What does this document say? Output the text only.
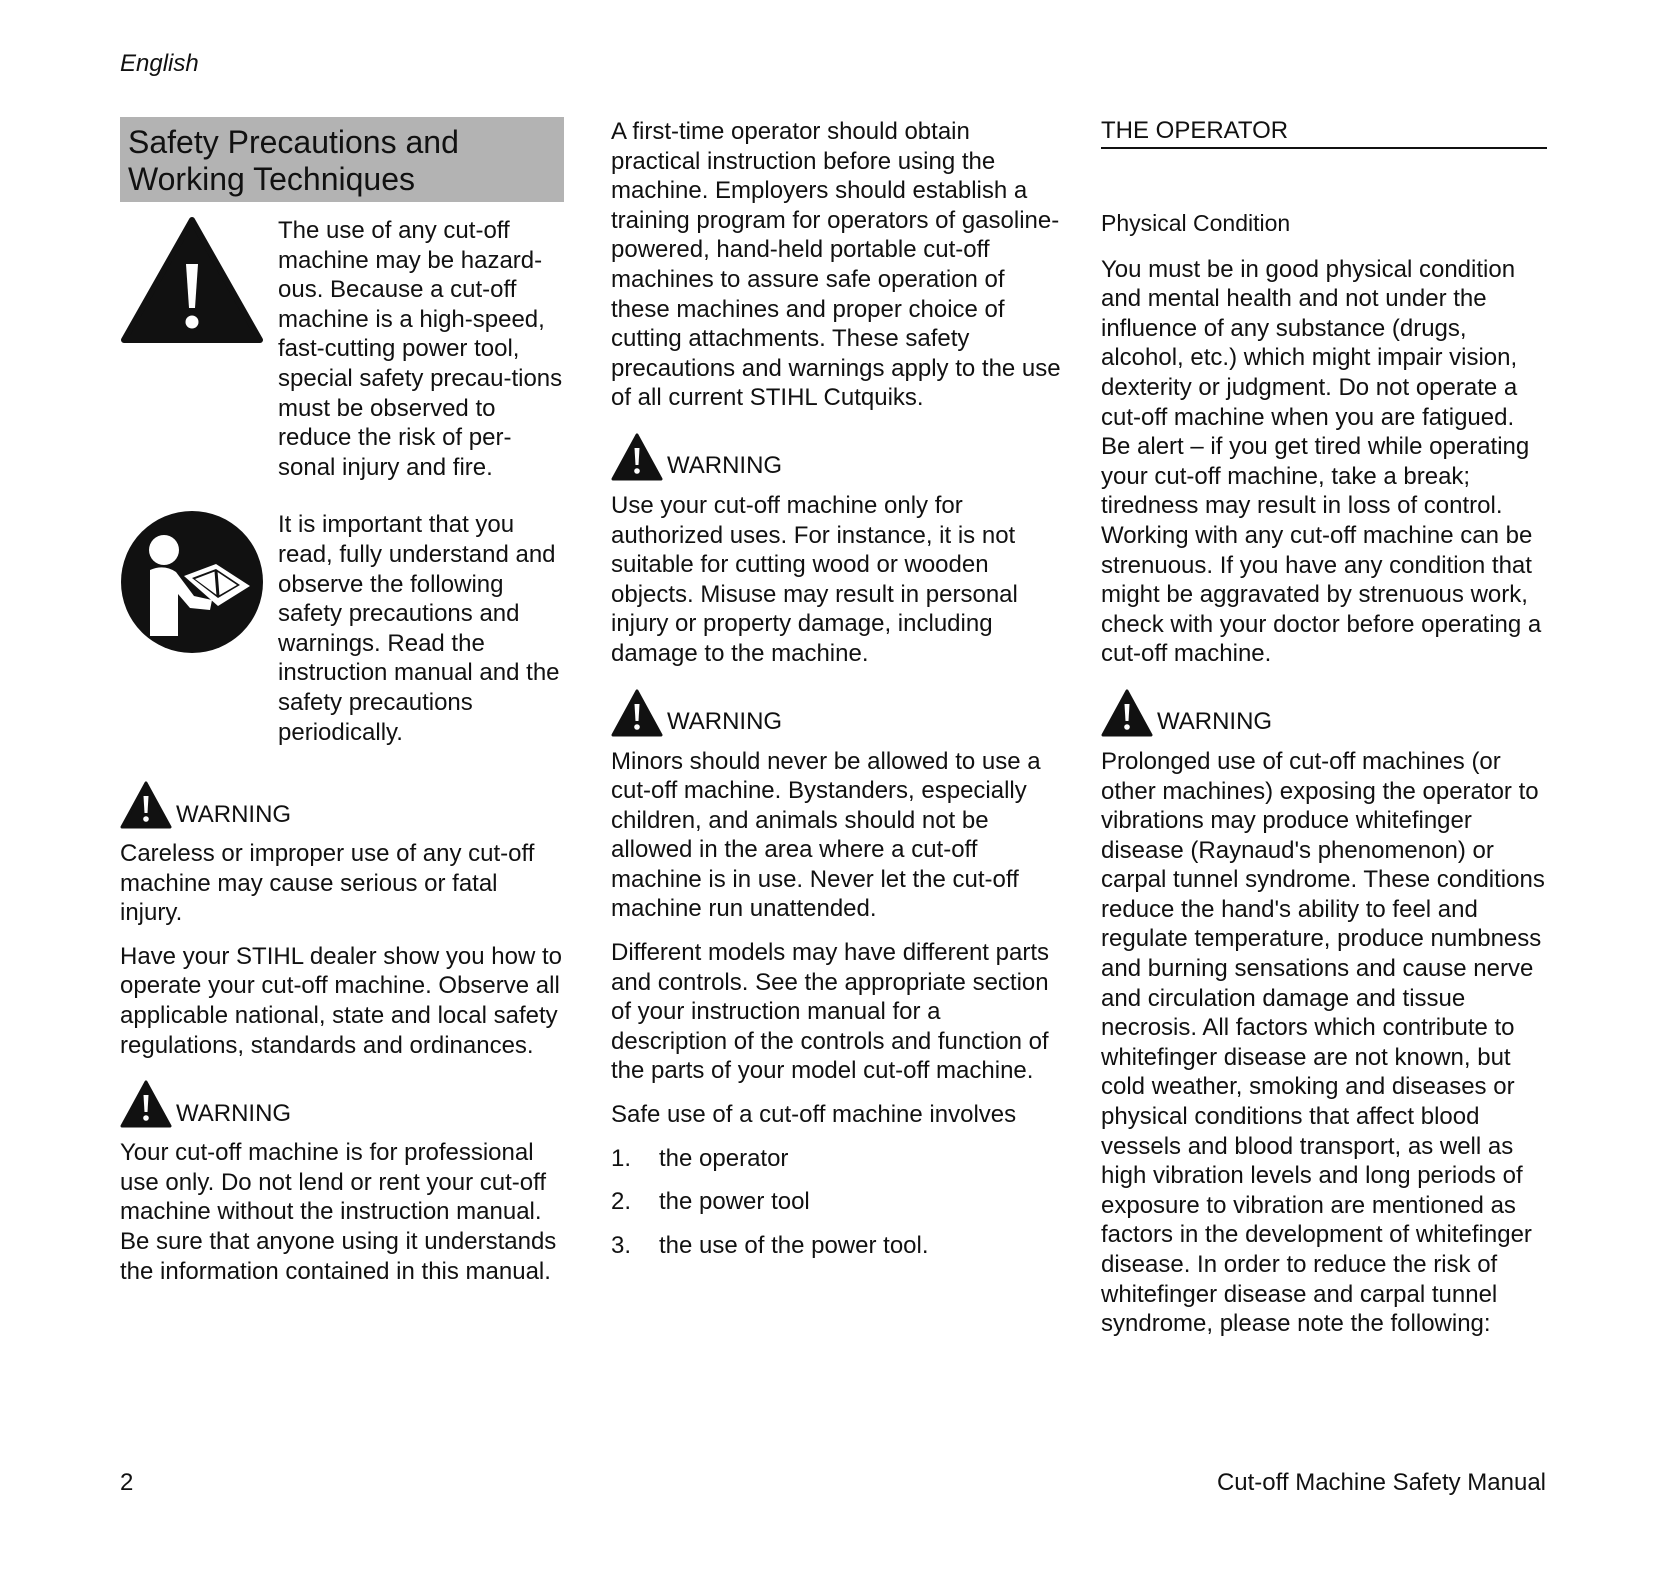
English
Safety Precautions and
Working Techniques

The use of any cut-off machine may be hazard-ous. Because a cut-off machine is a high-speed, fast-cutting power tool, special safety precau-tions must be observed to reduce the risk of per-sonal injury and fire.

It is important that you read, fully understand and observe the following safety precautions and warnings. Read the instruction manual and the safety precautions periodically.

WARNING

Careless or improper use of any cut-off machine may cause serious or fatal injury.

Have your STIHL dealer show you how to operate your cut-off machine. Observe all applicable national, state and local safety regulations, standards and ordinances.

WARNING

Your cut-off machine is for professional use only. Do not lend or rent your cut-off machine without the instruction manual. Be sure that anyone using it understands the information contained in this manual.

A first-time operator should obtain practical instruction before using the machine. Employers should establish a training program for operators of gasoline-powered, hand-held portable cut-off machines to assure safe operation of these machines and proper choice of cutting attachments. These safety precautions and warnings apply to the use of all current STIHL Cutquiks.

WARNING

Use your cut-off machine only for authorized uses. For instance, it is not suitable for cutting wood or wooden objects. Misuse may result in personal injury or property damage, including damage to the machine.

WARNING

Minors should never be allowed to use a cut-off machine. Bystanders, especially children, and animals should not be allowed in the area where a cut-off machine is in use. Never let the cut-off machine run unattended.

Different models may have different parts and controls. See the appropriate section of your instruction manual for a description of the controls and function of the parts of your model cut-off machine.

Safe use of a cut-off machine involves

1.	the operator
2.	the power tool
3.	the use of the power tool.
THE OPERATOR
Physical Condition

You must be in good physical condition and mental health and not under the influence of any substance (drugs, alcohol, etc.) which might impair vision, dexterity or judgment. Do not operate a cut-off machine when you are fatigued. Be alert – if you get tired while operating your cut-off machine, take a break; tiredness may result in loss of control. Working with any cut-off machine can be strenuous. If you have any condition that might be aggravated by strenuous work, check with your doctor before operating a cut-off machine.

WARNING

Prolonged use of cut-off machines (or other machines) exposing the operator to vibrations may produce whitefinger disease (Raynaud's phenomenon) or carpal tunnel syndrome. These conditions reduce the hand's ability to feel and regulate temperature, produce numbness and burning sensations and cause nerve and circulation damage and tissue necrosis. All factors which contribute to whitefinger disease are not known, but cold weather, smoking and diseases or physical conditions that affect blood vessels and blood transport, as well as high vibration levels and long periods of exposure to vibration are mentioned as factors in the development of whitefinger disease. In order to reduce the risk of whitefinger disease and carpal tunnel syndrome, please note the following:

2	Cut-off Machine Safety Manual
